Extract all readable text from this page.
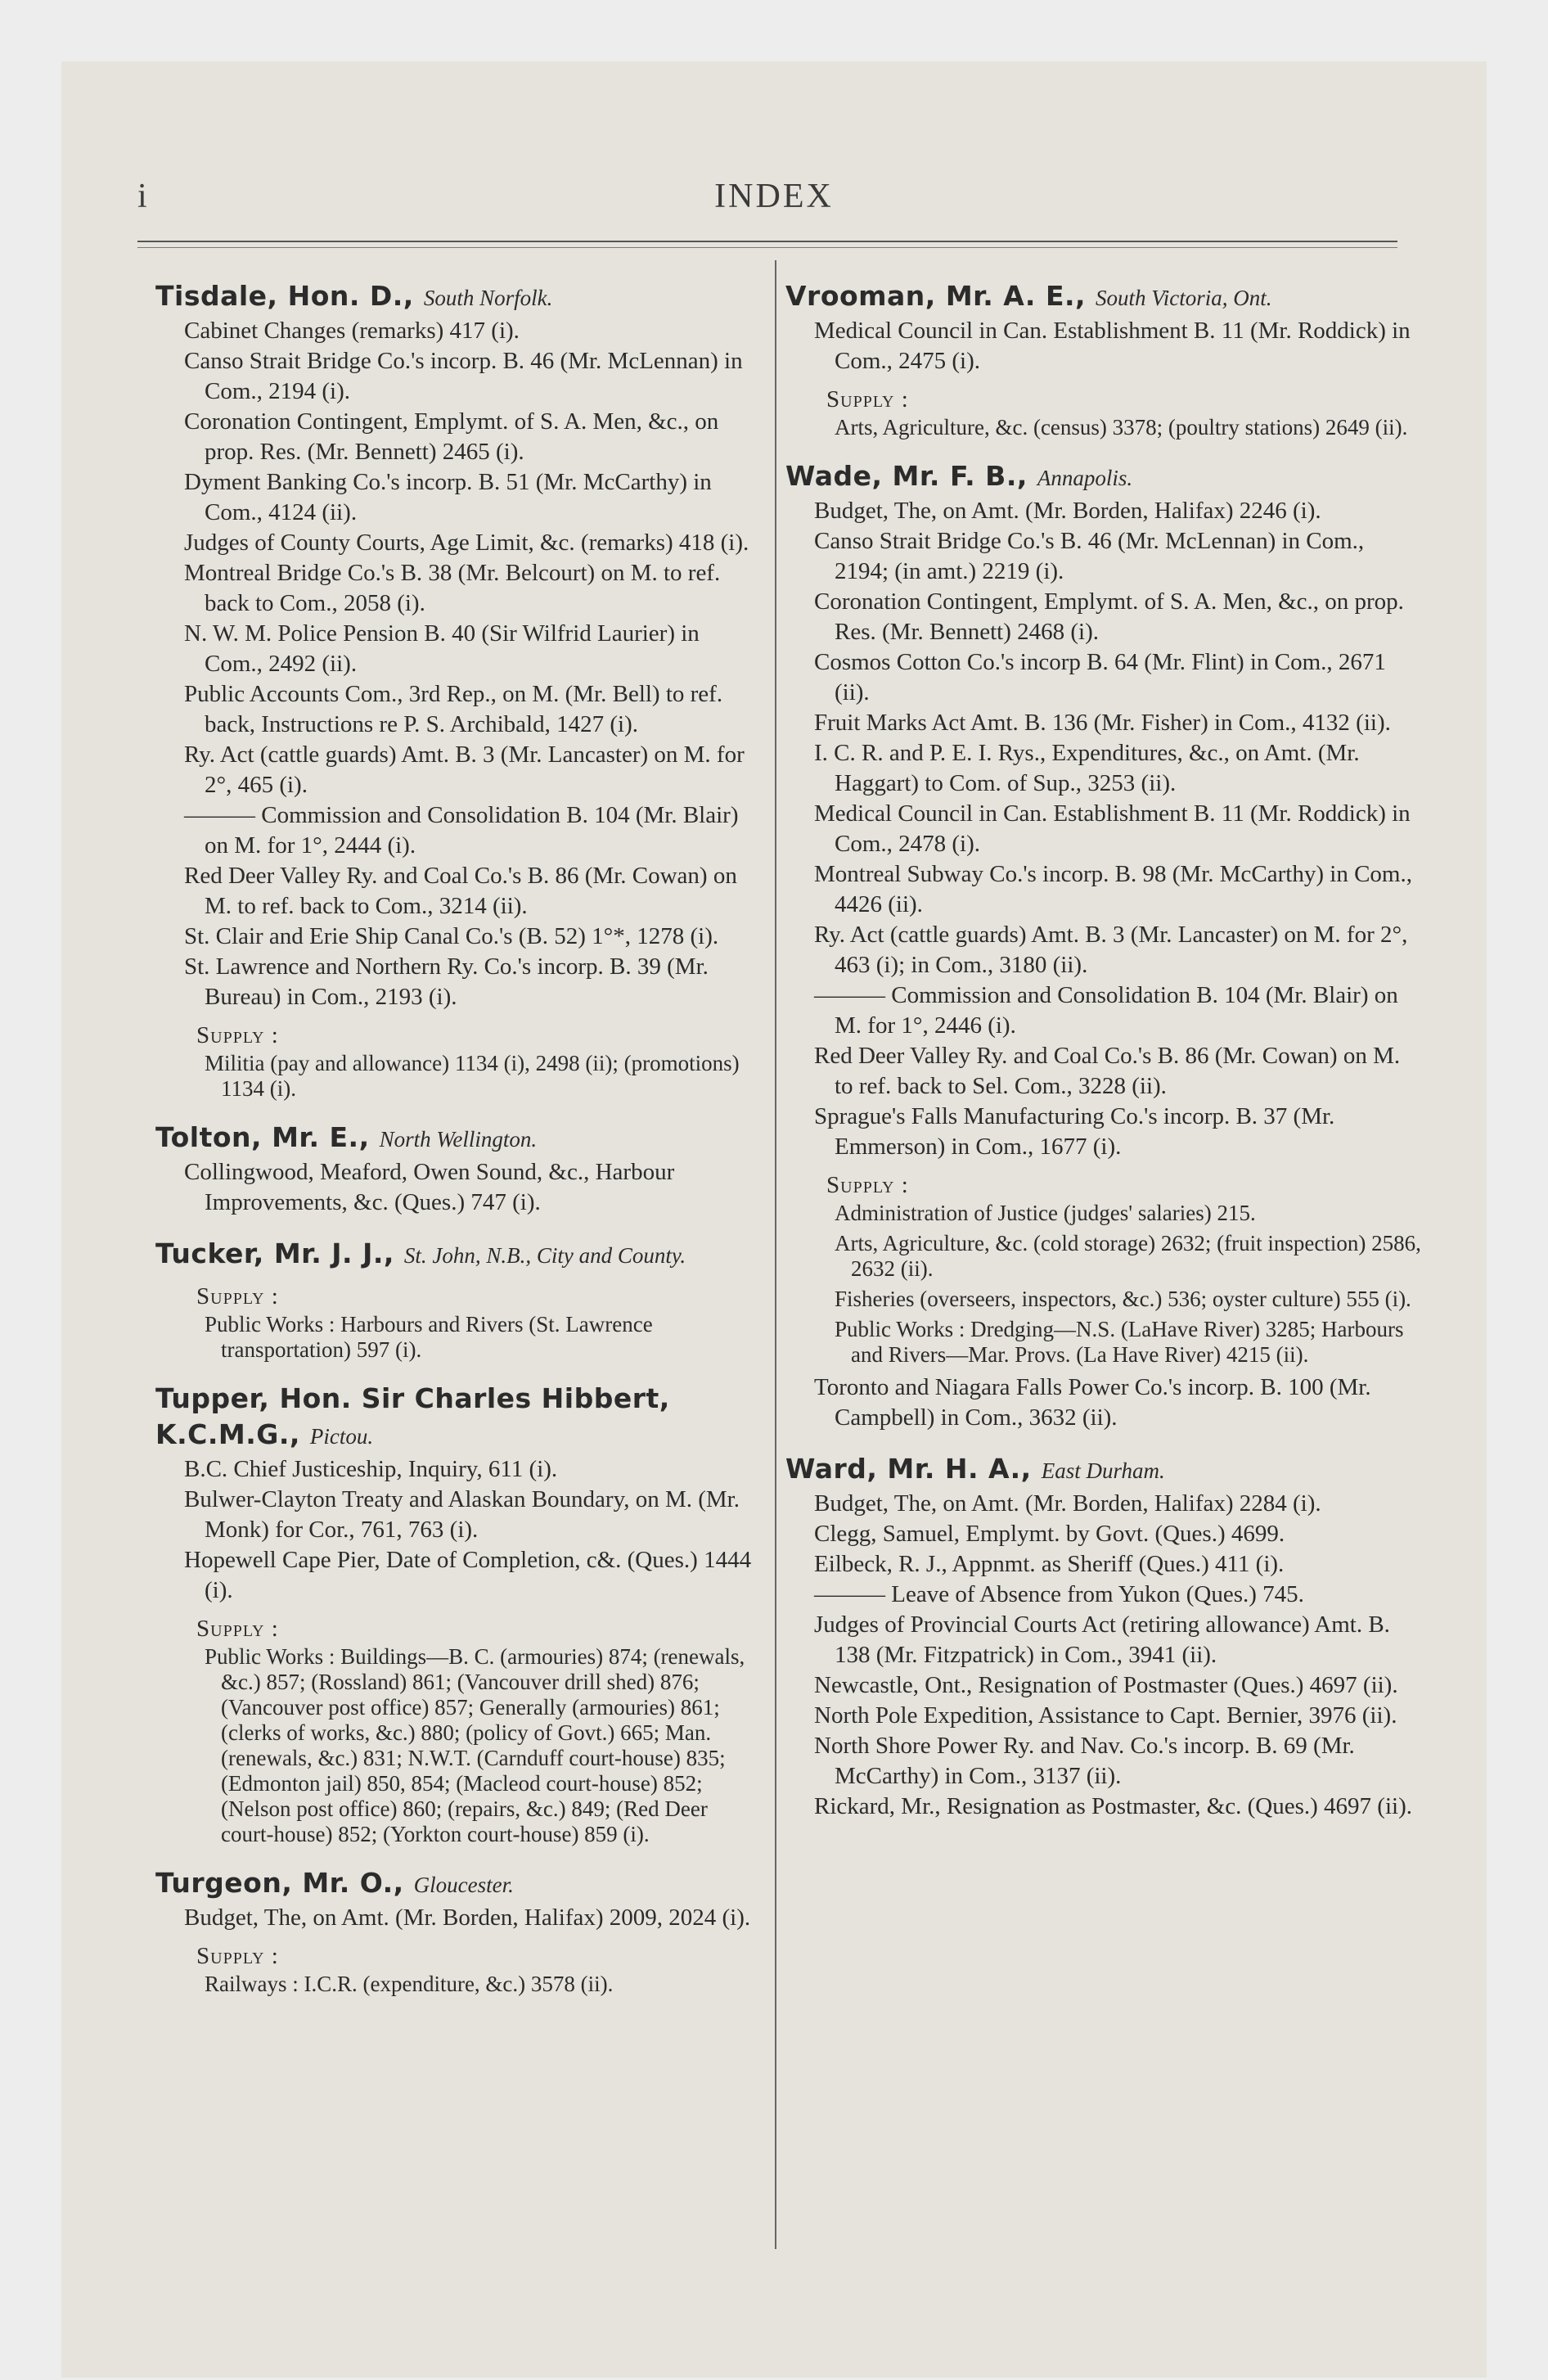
i	INDEX
Tisdale, Hon. D., South Norfolk.

Cabinet Changes (remarks) 417 (i).

Canso Strait Bridge Co.'s incorp. B. 46 (Mr. McLennan) in Com., 2194 (i).

Coronation Contingent, Emplymt. of S. A. Men, &c., on prop. Res. (Mr. Bennett) 2465 (i).

Dyment Banking Co.'s incorp. B. 51 (Mr. McCarthy) in Com., 4124 (ii).

Judges of County Courts, Age Limit, &c. (remarks) 418 (i).

Montreal Bridge Co.'s B. 38 (Mr. Belcourt) on M. to ref. back to Com., 2058 (i).

N. W. M. Police Pension B. 40 (Sir Wilfrid Laurier) in Com., 2492 (ii).

Public Accounts Com., 3rd Rep., on M. (Mr. Bell) to ref. back, Instructions re P. S. Archibald, 1427 (i).

Ry. Act (cattle guards) Amt. B. 3 (Mr. Lancaster) on M. for 2°, 465 (i).

——— Commission and Consolidation B. 104 (Mr. Blair) on M. for 1°, 2444 (i).

Red Deer Valley Ry. and Coal Co.'s B. 86 (Mr. Cowan) on M. to ref. back to Com., 3214 (ii).

St. Clair and Erie Ship Canal Co.'s (B. 52) 1°*, 1278 (i).

St. Lawrence and Northern Ry. Co.'s incorp. B. 39 (Mr. Bureau) in Com., 2193 (i).

Supply :

Militia (pay and allowance) 1134 (i), 2498 (ii); (promotions) 1134 (i).

Tolton, Mr. E., North Wellington.

Collingwood, Meaford, Owen Sound, &c., Harbour Improvements, &c. (Ques.) 747 (i).

Tucker, Mr. J. J., St. John, N.B., City and County.
Supply :

Public Works : Harbours and Rivers (St. Lawrence transportation) 597 (i).

Tupper, Hon. Sir Charles Hibbert, K.C.M.G., Pictou.

B.C. Chief Justiceship, Inquiry, 611 (i).

Bulwer-Clayton Treaty and Alaskan Boundary, on M. (Mr. Monk) for Cor., 761, 763 (i).

Hopewell Cape Pier, Date of Completion, c&. (Ques.) 1444 (i).

Supply :

Public Works : Buildings—B. C. (armouries) 874; (renewals, &c.) 857; (Rossland) 861; (Vancouver drill shed) 876; (Vancouver post office) 857; Generally (armouries) 861; (clerks of works, &c.) 880; (policy of Govt.) 665; Man. (renewals, &c.) 831; N.W.T. (Carnduff court-house) 835; (Edmonton jail) 850, 854; (Macleod court-house) 852; (Nelson post office) 860; (repairs, &c.) 849; (Red Deer court-house) 852; (Yorkton court-house) 859 (i).

Turgeon, Mr. O., Gloucester.

Budget, The, on Amt. (Mr. Borden, Halifax) 2009, 2024 (i).

Supply :

Railways : I.C.R. (expenditure, &c.) 3578 (ii).

Vrooman, Mr. A. E., South Victoria, Ont.

Medical Council in Can. Establishment B. 11 (Mr. Roddick) in Com., 2475 (i).

Supply :

Arts, Agriculture, &c. (census) 3378; (poultry stations) 2649 (ii).

Wade, Mr. F. B., Annapolis.

Budget, The, on Amt. (Mr. Borden, Halifax) 2246 (i).

Canso Strait Bridge Co.'s B. 46 (Mr. McLennan) in Com., 2194; (in amt.) 2219 (i).

Coronation Contingent, Emplymt. of S. A. Men, &c., on prop. Res. (Mr. Bennett) 2468 (i).

Cosmos Cotton Co.'s incorp B. 64 (Mr. Flint) in Com., 2671 (ii).

Fruit Marks Act Amt. B. 136 (Mr. Fisher) in Com., 4132 (ii).

I. C. R. and P. E. I. Rys., Expenditures, &c., on Amt. (Mr. Haggart) to Com. of Sup., 3253 (ii).

Medical Council in Can. Establishment B. 11 (Mr. Roddick) in Com., 2478 (i).

Montreal Subway Co.'s incorp. B. 98 (Mr. McCarthy) in Com., 4426 (ii).

Ry. Act (cattle guards) Amt. B. 3 (Mr. Lancaster) on M. for 2°, 463 (i); in Com., 3180 (ii).

——— Commission and Consolidation B. 104 (Mr. Blair) on M. for 1°, 2446 (i).

Red Deer Valley Ry. and Coal Co.'s B. 86 (Mr. Cowan) on M. to ref. back to Sel. Com., 3228 (ii).

Sprague's Falls Manufacturing Co.'s incorp. B. 37 (Mr. Emmerson) in Com., 1677 (i).

Supply :

Administration of Justice (judges' salaries) 215.

Arts, Agriculture, &c. (cold storage) 2632; (fruit inspection) 2586, 2632 (ii).

Fisheries (overseers, inspectors, &c.) 536; oyster culture) 555 (i).

Public Works : Dredging—N.S. (LaHave River) 3285; Harbours and Rivers—Mar. Provs. (La Have River) 4215 (ii).

Toronto and Niagara Falls Power Co.'s incorp. B. 100 (Mr. Campbell) in Com., 3632 (ii).

Ward, Mr. H. A., East Durham.

Budget, The, on Amt. (Mr. Borden, Halifax) 2284 (i).

Clegg, Samuel, Emplymt. by Govt. (Ques.) 4699.

Eilbeck, R. J., Appnmt. as Sheriff (Ques.) 411 (i).

——— Leave of Absence from Yukon (Ques.) 745.

Judges of Provincial Courts Act (retiring allowance) Amt. B. 138 (Mr. Fitzpatrick) in Com., 3941 (ii).

Newcastle, Ont., Resignation of Postmaster (Ques.) 4697 (ii).

North Pole Expedition, Assistance to Capt. Bernier, 3976 (ii).

North Shore Power Ry. and Nav. Co.'s incorp. B. 69 (Mr. McCarthy) in Com., 3137 (ii).

Rickard, Mr., Resignation as Postmaster, &c. (Ques.) 4697 (ii).
